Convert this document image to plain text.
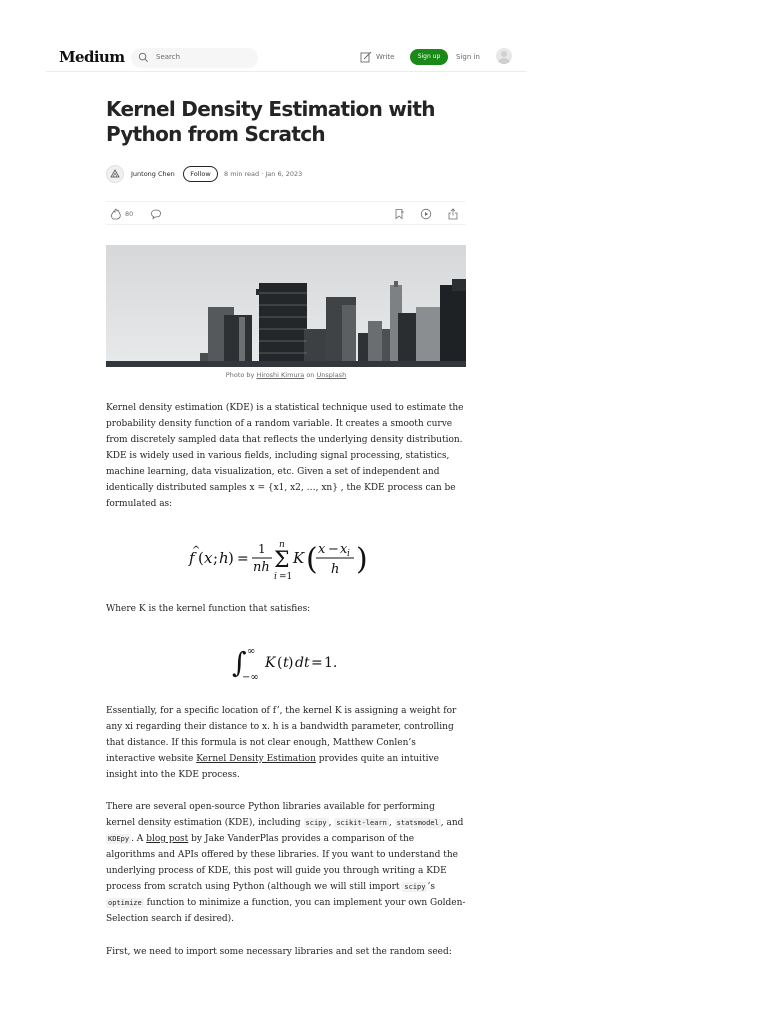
Medium	Search	Write	Sign up	Sign in
Kernel Density Estimation with Python from Scratch
Juntong Chen	Follow	8 min read · Jan 6, 2023
80
Photo by Hiroshi Kimura on Unsplash

Kernel density estimation (KDE) is a statistical technique used to estimate the probability density function of a random variable. It creates a smooth curve from discretely sampled data that reflects the underlying density distribution. KDE is widely used in various fields, including signal processing, statistics, machine learning, data visualization, etc. Given a set of independent and identically distributed samples x = {x1, x2, …, xn} , the KDE process can be formulated as:

f
^
( x ; h ) =
1
nh
n
Σ
i =1
K ( x − x i
h )

Where K is the kernel function that satisfies:

∫ ∞
−∞
K ( t ) dt = 1.

Essentially, for a specific location of f’, the kernel K is assigning a weight for any xi regarding their distance to x. h is a bandwidth parameter, controlling that distance. If this formula is not clear enough, Matthew Conlen’s interactive website Kernel Density Estimation provides quite an intuitive insight into the KDE process.

There are several open-source Python libraries available for performing kernel density estimation (KDE), including scipy , scikit-learn , statsmodel , and KDEpy . A blog post by Jake VanderPlas provides a comparison of the algorithms and APIs offered by these libraries. If you want to understand the underlying process of KDE, this post will guide you through writing a KDE process from scratch using Python (although we will still import scipy ’s optimize function to minimize a function, you can implement your own Golden-Selection search if desired).

First, we need to import some necessary libraries and set the random seed:
